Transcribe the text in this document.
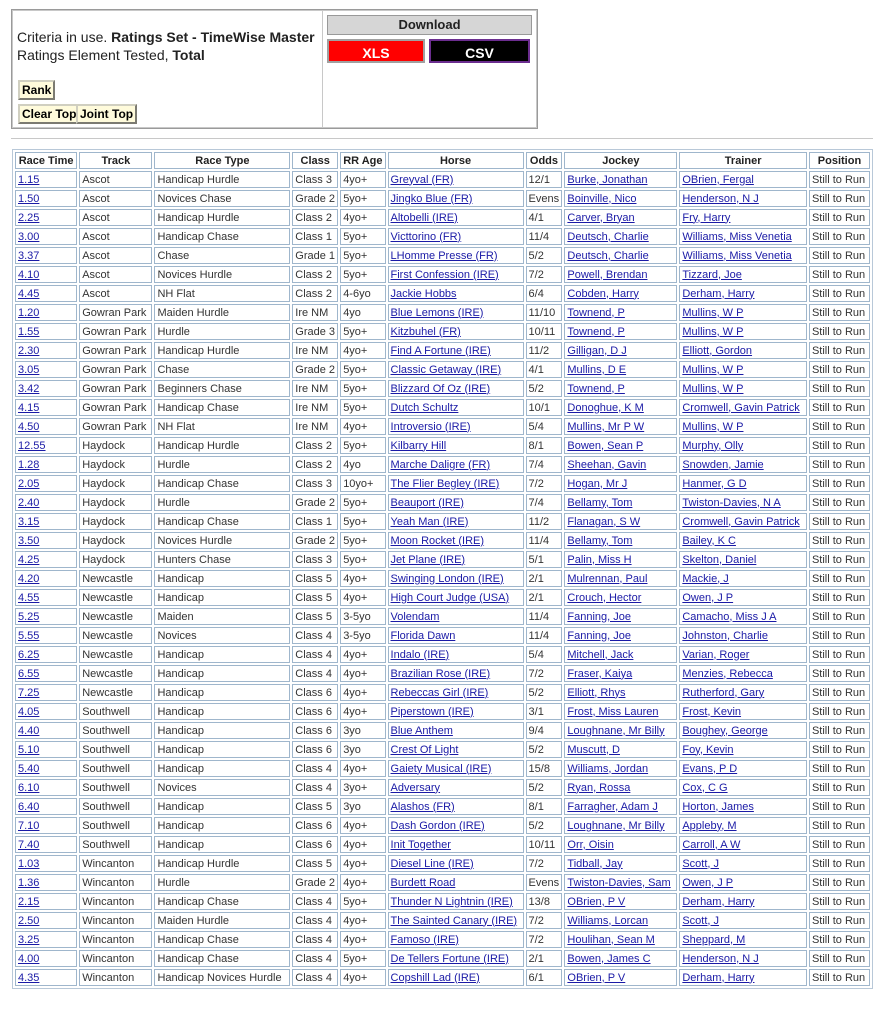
Criteria in use. Ratings Set - TimeWise Master
Ratings Element Tested, Total
Rank
Clear Top Joint Top
Download
XLS	CSV
Race Time	Track	Race Type	Class	RR Age	Horse	Odds	Jockey	Trainer	Position
1.15	Ascot	Handicap Hurdle	Class 3	4yo+	Greyval (FR)	12/1	Burke, Jonathan	OBrien, Fergal	Still to Run
1.50	Ascot	Novices Chase	Grade 2	5yo+	Jingko Blue (FR)	Evens	Boinville, Nico	Henderson, N J	Still to Run
2.25	Ascot	Handicap Hurdle	Class 2	4yo+	Altobelli (IRE)	4/1	Carver, Bryan	Fry, Harry	Still to Run
3.00	Ascot	Handicap Chase	Class 1	5yo+	Victtorino (FR)	11/4	Deutsch, Charlie	Williams, Miss Venetia	Still to Run
3.37	Ascot	Chase	Grade 1	5yo+	LHomme Presse (FR)	5/2	Deutsch, Charlie	Williams, Miss Venetia	Still to Run
4.10	Ascot	Novices Hurdle	Class 2	5yo+	First Confession (IRE)	7/2	Powell, Brendan	Tizzard, Joe	Still to Run
4.45	Ascot	NH Flat	Class 2	4-6yo	Jackie Hobbs	6/4	Cobden, Harry	Derham, Harry	Still to Run
1.20	Gowran Park	Maiden Hurdle	Ire NM	4yo	Blue Lemons (IRE)	11/10	Townend, P	Mullins, W P	Still to Run
1.55	Gowran Park	Hurdle	Grade 3	5yo+	Kitzbuhel (FR)	10/11	Townend, P	Mullins, W P	Still to Run
2.30	Gowran Park	Handicap Hurdle	Ire NM	4yo+	Find A Fortune (IRE)	11/2	Gilligan, D J	Elliott, Gordon	Still to Run
3.05	Gowran Park	Chase	Grade 2	5yo+	Classic Getaway (IRE)	4/1	Mullins, D E	Mullins, W P	Still to Run
3.42	Gowran Park	Beginners Chase	Ire NM	5yo+	Blizzard Of Oz (IRE)	5/2	Townend, P	Mullins, W P	Still to Run
4.15	Gowran Park	Handicap Chase	Ire NM	5yo+	Dutch Schultz	10/1	Donoghue, K M	Cromwell, Gavin Patrick	Still to Run
4.50	Gowran Park	NH Flat	Ire NM	4yo+	Introversio (IRE)	5/4	Mullins, Mr P W	Mullins, W P	Still to Run
12.55	Haydock	Handicap Hurdle	Class 2	5yo+	Kilbarry Hill	8/1	Bowen, Sean P	Murphy, Olly	Still to Run
1.28	Haydock	Hurdle	Class 2	4yo	Marche Daligre (FR)	7/4	Sheehan, Gavin	Snowden, Jamie	Still to Run
2.05	Haydock	Handicap Chase	Class 3	10yo+	The Flier Begley (IRE)	7/2	Hogan, Mr J	Hanmer, G D	Still to Run
2.40	Haydock	Hurdle	Grade 2	5yo+	Beauport (IRE)	7/4	Bellamy, Tom	Twiston-Davies, N A	Still to Run
3.15	Haydock	Handicap Chase	Class 1	5yo+	Yeah Man (IRE)	11/2	Flanagan, S W	Cromwell, Gavin Patrick	Still to Run
3.50	Haydock	Novices Hurdle	Grade 2	5yo+	Moon Rocket (IRE)	11/4	Bellamy, Tom	Bailey, K C	Still to Run
4.25	Haydock	Hunters Chase	Class 3	5yo+	Jet Plane (IRE)	5/1	Palin, Miss H	Skelton, Daniel	Still to Run
4.20	Newcastle	Handicap	Class 5	4yo+	Swinging London (IRE)	2/1	Mulrennan, Paul	Mackie, J	Still to Run
4.55	Newcastle	Handicap	Class 5	4yo+	High Court Judge (USA)	2/1	Crouch, Hector	Owen, J P	Still to Run
5.25	Newcastle	Maiden	Class 5	3-5yo	Volendam	11/4	Fanning, Joe	Camacho, Miss J A	Still to Run
5.55	Newcastle	Novices	Class 4	3-5yo	Florida Dawn	11/4	Fanning, Joe	Johnston, Charlie	Still to Run
6.25	Newcastle	Handicap	Class 4	4yo+	Indalo (IRE)	5/4	Mitchell, Jack	Varian, Roger	Still to Run
6.55	Newcastle	Handicap	Class 4	4yo+	Brazilian Rose (IRE)	7/2	Fraser, Kaiya	Menzies, Rebecca	Still to Run
7.25	Newcastle	Handicap	Class 6	4yo+	Rebeccas Girl (IRE)	5/2	Elliott, Rhys	Rutherford, Gary	Still to Run
4.05	Southwell	Handicap	Class 6	4yo+	Piperstown (IRE)	3/1	Frost, Miss Lauren	Frost, Kevin	Still to Run
4.40	Southwell	Handicap	Class 6	3yo	Blue Anthem	9/4	Loughnane, Mr Billy	Boughey, George	Still to Run
5.10	Southwell	Handicap	Class 6	3yo	Crest Of Light	5/2	Muscutt, D	Foy, Kevin	Still to Run
5.40	Southwell	Handicap	Class 4	4yo+	Gaiety Musical (IRE)	15/8	Williams, Jordan	Evans, P D	Still to Run
6.10	Southwell	Novices	Class 4	3yo+	Adversary	5/2	Ryan, Rossa	Cox, C G	Still to Run
6.40	Southwell	Handicap	Class 5	3yo	Alashos (FR)	8/1	Farragher, Adam J	Horton, James	Still to Run
7.10	Southwell	Handicap	Class 6	4yo+	Dash Gordon (IRE)	5/2	Loughnane, Mr Billy	Appleby, M	Still to Run
7.40	Southwell	Handicap	Class 6	4yo+	Init Together	10/11	Orr, Oisin	Carroll, A W	Still to Run
1.03	Wincanton	Handicap Hurdle	Class 5	4yo+	Diesel Line (IRE)	7/2	Tidball, Jay	Scott, J	Still to Run
1.36	Wincanton	Hurdle	Grade 2	4yo+	Burdett Road	Evens	Twiston-Davies, Sam	Owen, J P	Still to Run
2.15	Wincanton	Handicap Chase	Class 4	5yo+	Thunder N Lightnin (IRE)	13/8	OBrien, P V	Derham, Harry	Still to Run
2.50	Wincanton	Maiden Hurdle	Class 4	4yo+	The Sainted Canary (IRE)	7/2	Williams, Lorcan	Scott, J	Still to Run
3.25	Wincanton	Handicap Chase	Class 4	4yo+	Famoso (IRE)	7/2	Houlihan, Sean M	Sheppard, M	Still to Run
4.00	Wincanton	Handicap Chase	Class 4	5yo+	De Tellers Fortune (IRE)	2/1	Bowen, James C	Henderson, N J	Still to Run
4.35	Wincanton	Handicap Novices Hurdle	Class 4	4yo+	Copshill Lad (IRE)	6/1	OBrien, P V	Derham, Harry	Still to Run
